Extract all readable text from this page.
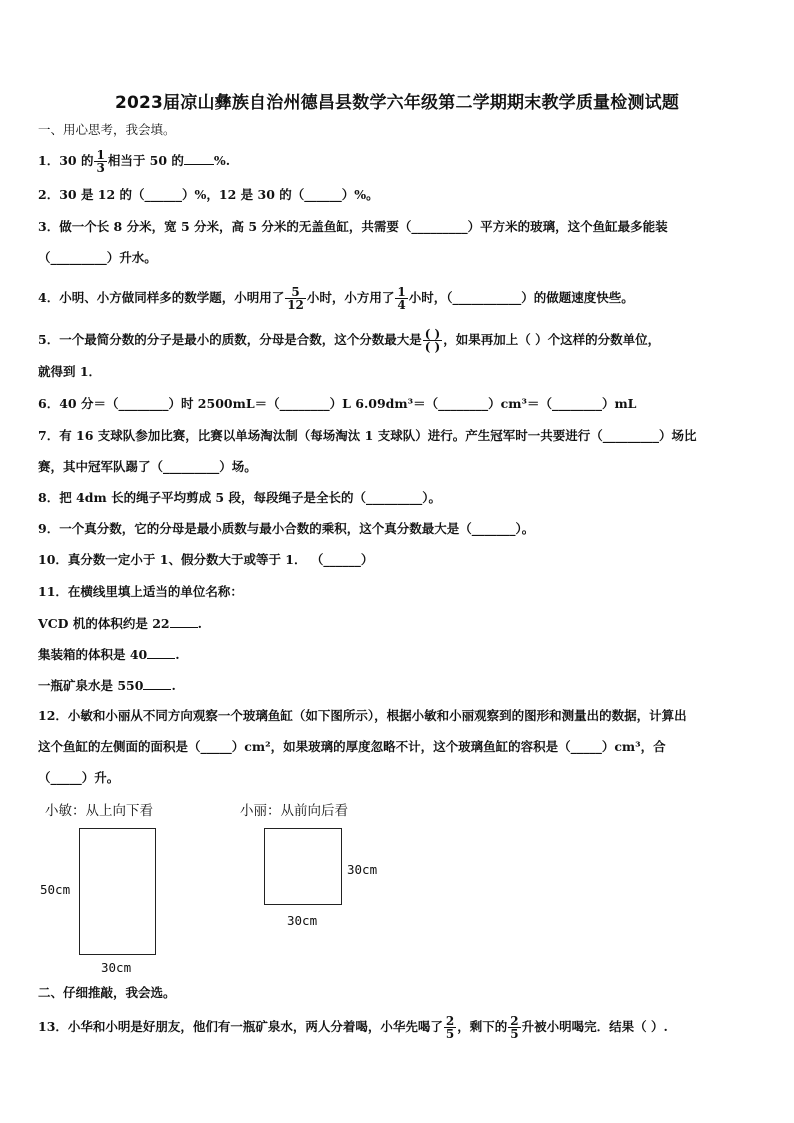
2023届凉山彝族自治州德昌县数学六年级第二学期期末教学质量检测试题
一、用心思考，我会填。
1．30 的 $\frac{1}{3}$ 相当于 50 的 %.
2．30 是 12 的（______）%，12 是 30 的（______）%。
3．做一个长 8 分米，宽 5 分米，高 5 分米的无盖鱼缸，共需要（_________）平方米的玻璃，这个鱼缸最多能装
（_________）升水。
4．小明、小方做同样多的数学题，小明用了 $\frac{5}{12}$ 小时，小方用了 $\frac{1}{4}$ 小时，（___________）的做题速度快些。
5．一个最简分数的分子是最小的质数，分母是合数，这个分数最大是 $\frac{( )}{( )}$ ，如果再加上（ ）个这样的分数单位，
就得到 1．
6．40 分＝（________）时 2500mL＝（________）L 6.09dm³＝（________）cm³＝（________）mL
7．有 16 支球队参加比赛，比赛以单场淘汰制（每场淘汰 1 支球队）进行。产生冠军时一共要进行（_________）场比
赛，其中冠军队踢了（_________）场。
8．把 4dm 长的绳子平均剪成 5 段，每段绳子是全长的（_________）。
9．一个真分数，它的分母是最小质数与最小合数的乘积，这个真分数最大是（_______）。
10．真分数一定小于 1、假分数大于或等于 1． （______）
11．在横线里填上适当的单位名称：
VCD 机的体积约是 22 .
集装箱的体积是 40 .
一瓶矿泉水是 550 .
12．小敏和小丽从不同方向观察一个玻璃鱼缸（如下图所示），根据小敏和小丽观察到的图形和测量出的数据，计算出
这个鱼缸的左侧面的面积是（_____）cm²，如果玻璃的厚度忽略不计，这个玻璃鱼缸的容积是（_____）cm³，合
（_____）升。
小敏：从上向下看	小丽：从前向后看
50cm
30cm
30cm
30cm
二、仔细推敲，我会选。
13．小华和小明是好朋友，他们有一瓶矿泉水，两人分着喝，小华先喝了 $\frac{2}{5}$ ，剩下的 $\frac{2}{5}$ 升被小明喝完．结果（ ）.
